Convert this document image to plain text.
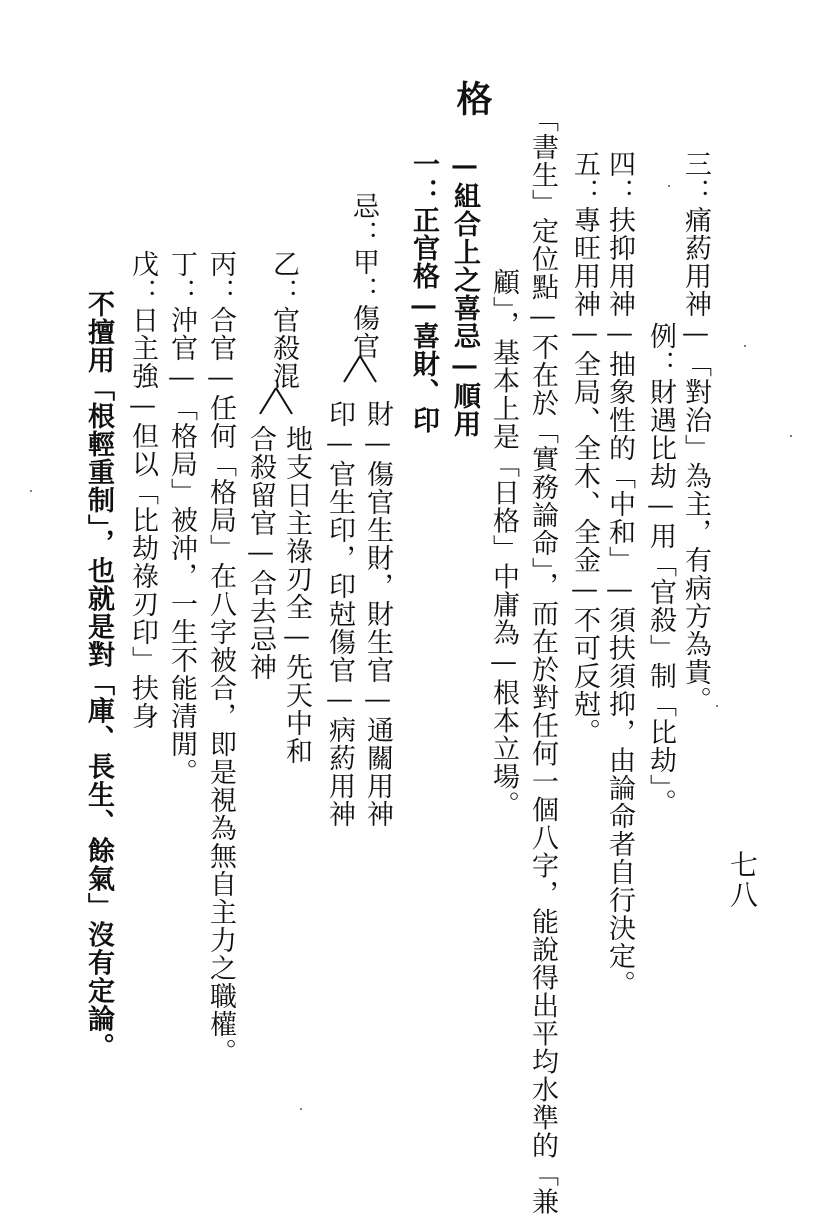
七八
三：痛葯用神—「對治」為主，有病方為貴。
例：財遇比劫—用「官殺」制「比劫」。
四：扶抑用神—抽象性的「中和」—須扶須抑，由論命者自行決定。
五：專旺用神—全局、全木、全金—不可反尅。
「書生」定位點—不在於「實務論命」，而在於對任何一個八字，能說得出平均水準的「兼
顧」，基本上是「日格」中庸為—根本立場。
格
—組合上之喜忌—順用
一：正官格—喜財、印
忌：甲：傷官
財—傷官生財，財生官—通關用神
印—官生印，印尅傷官—病葯用神
乙：官殺混
地支日主祿刃全—先天中和
合殺留官—合去忌神
丙：合官—任何「格局」在八字被合，即是視為無自主力之職權。
丁：沖官—「格局」被沖，一生不能清閒。
戊：日主強—但以「比劫祿刃印」扶身
不擅用「根輕重制」，也就是對「庫、長生、餘氣」沒有定論。
